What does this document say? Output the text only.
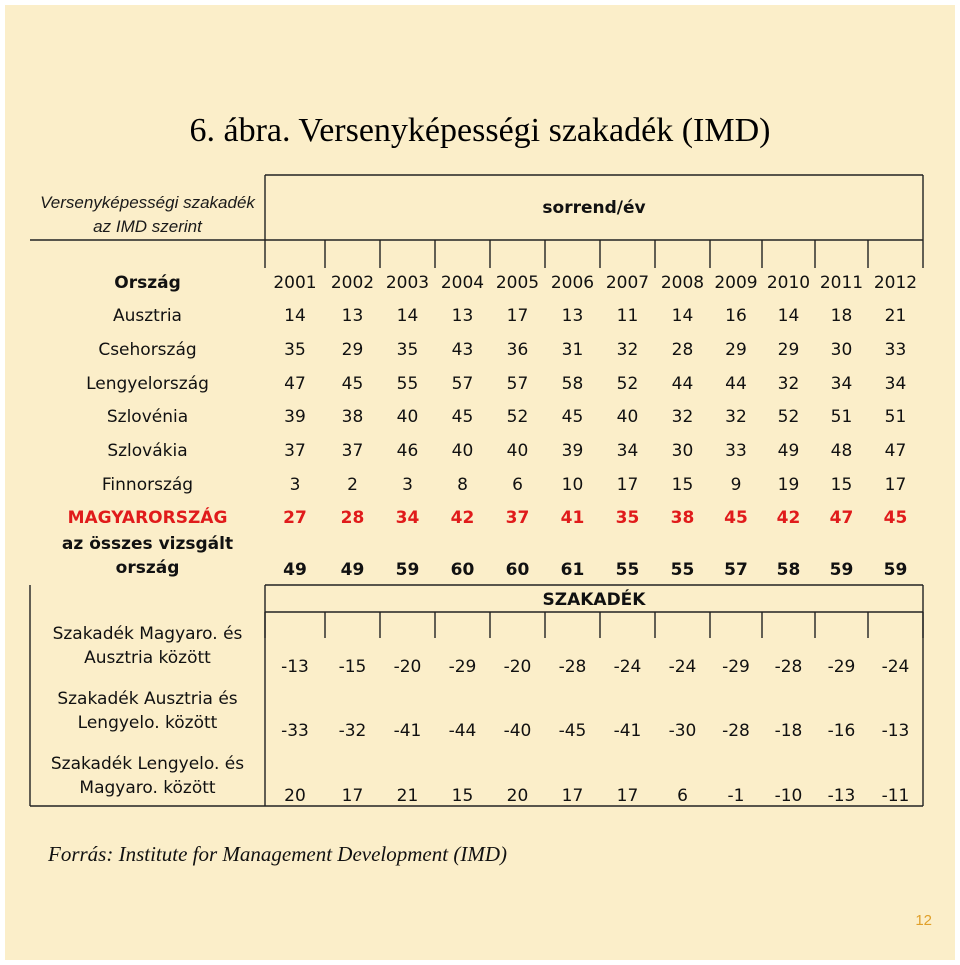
6. ábra. Versenyképességi szakadék (IMD)
Versenyképességi szakadék
az IMD szerint
sorrend/év
Ország	2001 2002 2003 2004 2005 2006 2007 2008 2009 2010 2011 2012
Ausztria	14	13	14	13	17	13	11	14	16	14	18	21
Csehország	35	29	35	43	36	31	32	28	29	29	30	33
Lengyelország	47	45	55	57	57	58	52	44	44	32	34	34
Szlovénia	39	38	40	45	52	45	40	32	32	52	51	51
Szlovákia	37	37	46	40	40	39	34	30	33	49	48	47
Finnország	3	2	3	8	6	10	17	15	9	19	15	17
MAGYARORSZÁG	27	28	34	42	37	41	35	38	45	42	47	45
az összes vizsgált
ország	49	49	59	60	60	61	55	55	57	58	59	59
Szakadék Magyaro. és
Ausztria között	-13	-15	-20	-29	-20	-28	-24	-24	-29	-28	-29	-24
Szakadék Ausztria és
Lengyelo. között	-33	-32	-41	-44	-40	-45	-41	-30	-28	-18	-16	-13
Szakadék Lengyelo. és
Magyaro. között	20	17	21	15	20	17	17	6	-1	-10	-13	-11
SZAKADÉK
Forrás: Institute for Management Development (IMD)
12
